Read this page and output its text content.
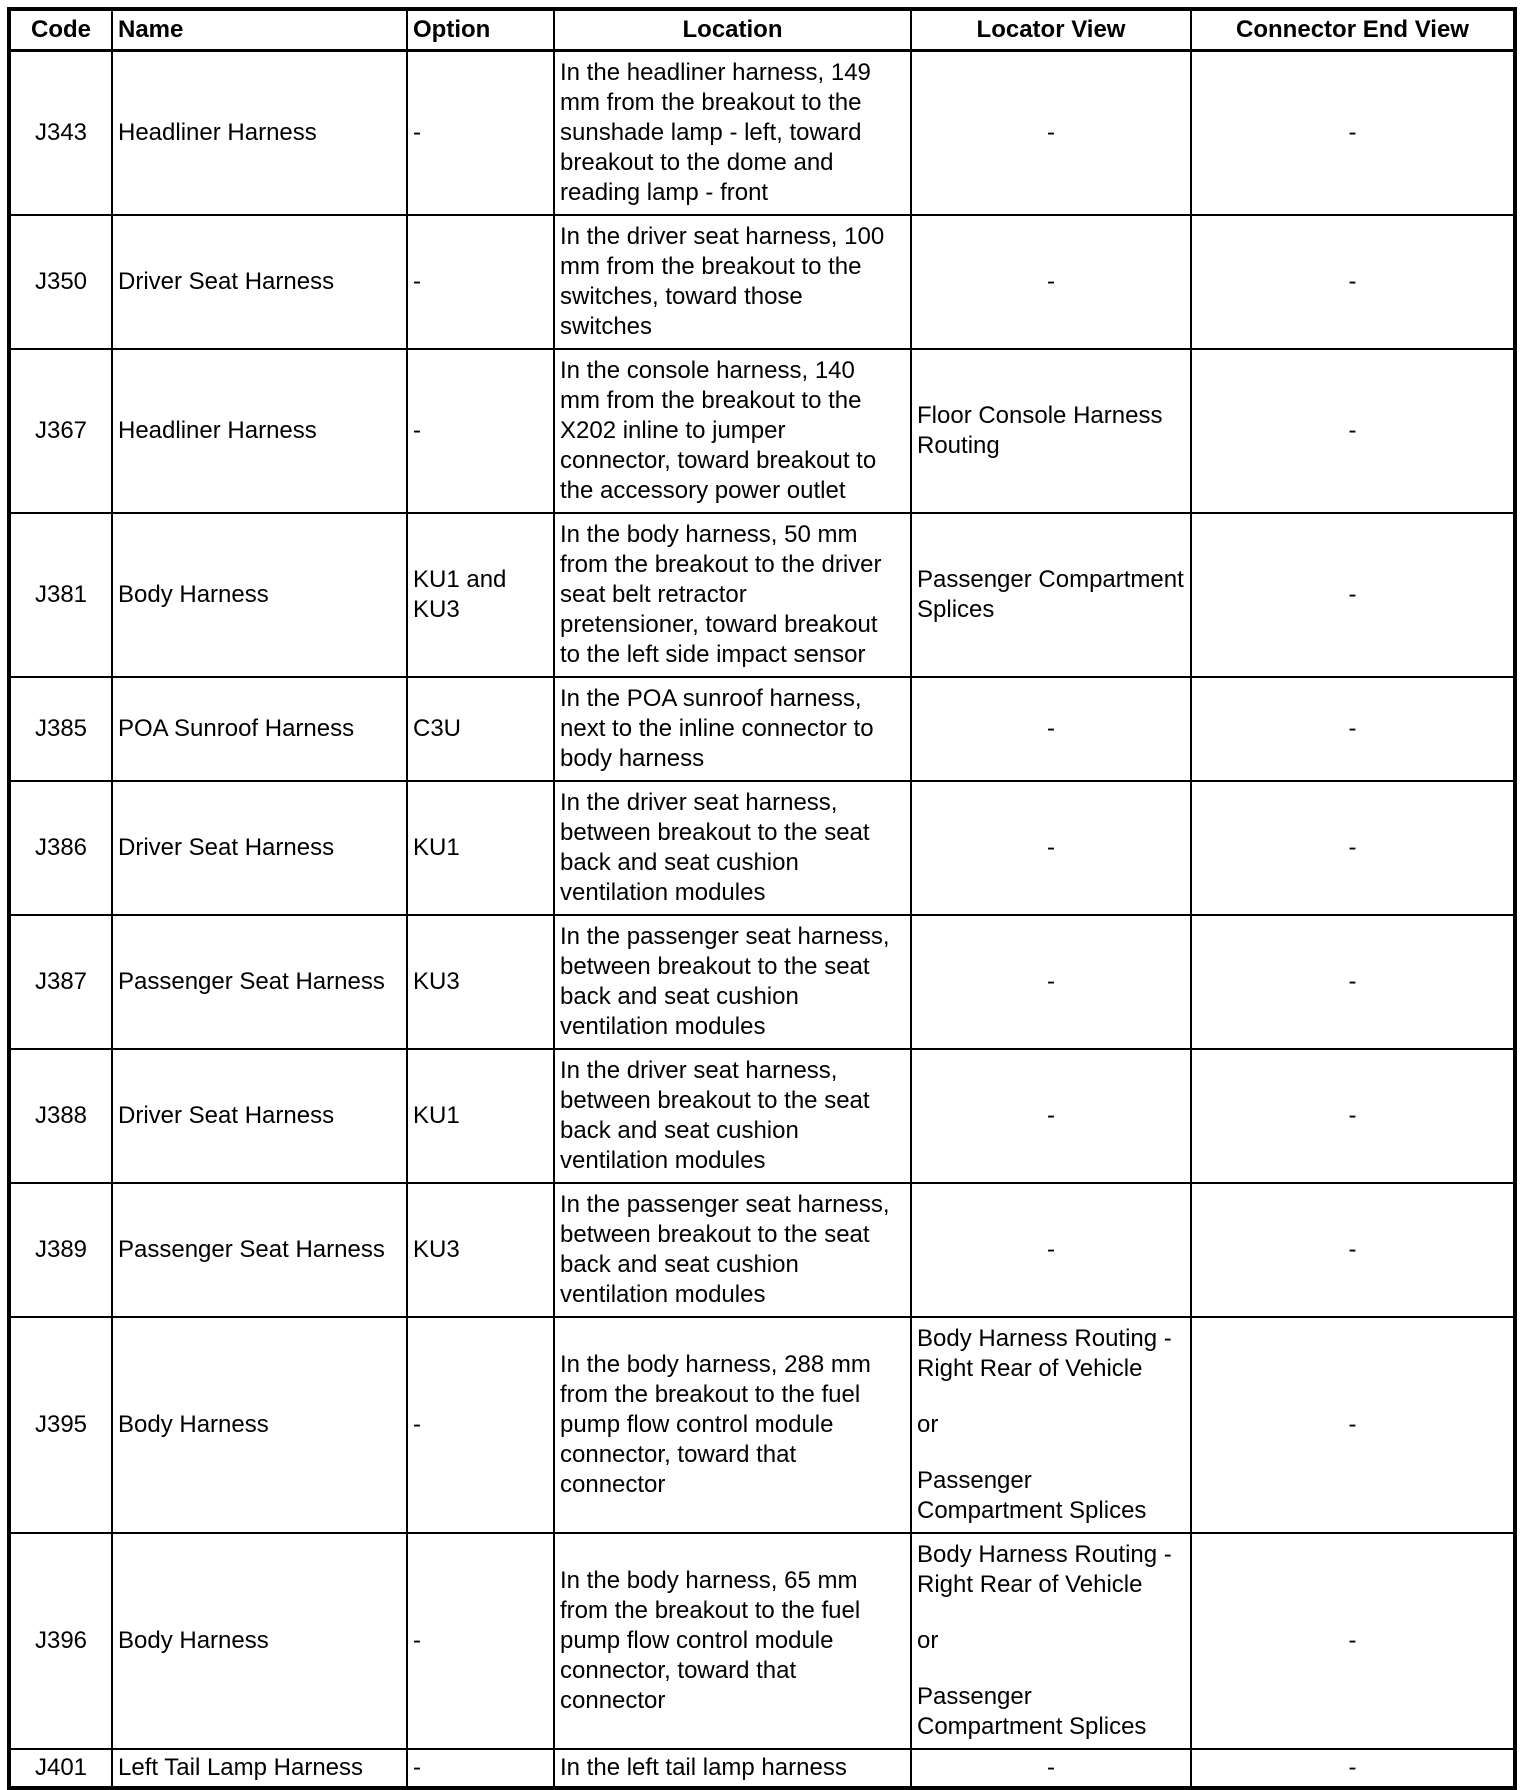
Code	Name	Option	Location	Locator View	Connector End View
J343	Headliner Harness	-	In the headliner harness, 149
mm from the breakout to the
sunshade lamp - left, toward
breakout to the dome and
reading lamp - front	-	-
J350	Driver Seat Harness	-	In the driver seat harness, 100
mm from the breakout to the
switches, toward those
switches	-	-
J367	Headliner Harness	-	In the console harness, 140
mm from the breakout to the
X202 inline to jumper
connector, toward breakout to
the accessory power outlet	Floor Console Harness Routing	-
J381	Body Harness	KU1 and KU3	In the body harness, 50 mm
from the breakout to the driver
seat belt retractor
pretensioner, toward breakout
to the left side impact sensor	Passenger Compartment Splices	-
J385	POA Sunroof Harness	C3U	In the POA sunroof harness,
next to the inline connector to
body harness	-	-
J386	Driver Seat Harness	KU1	In the driver seat harness,
between breakout to the seat
back and seat cushion
ventilation modules	-	-
J387	Passenger Seat Harness	KU3	In the passenger seat harness,
between breakout to the seat
back and seat cushion
ventilation modules	-	-
J388	Driver Seat Harness	KU1	In the driver seat harness,
between breakout to the seat
back and seat cushion
ventilation modules	-	-
J389	Passenger Seat Harness	KU3	In the passenger seat harness,
between breakout to the seat
back and seat cushion
ventilation modules	-	-
J395	Body Harness	-	In the body harness, 288 mm
from the breakout to the fuel
pump flow control module
connector, toward that
connector	Body Harness Routing -
Right Rear of Vehicle
or
Passenger
Compartment Splices	-
J396	Body Harness	-	In the body harness, 65 mm
from the breakout to the fuel
pump flow control module
connector, toward that
connector	Body Harness Routing -
Right Rear of Vehicle
or
Passenger
Compartment Splices	-
J401	Left Tail Lamp Harness	-	In the left tail lamp harness	-	-
